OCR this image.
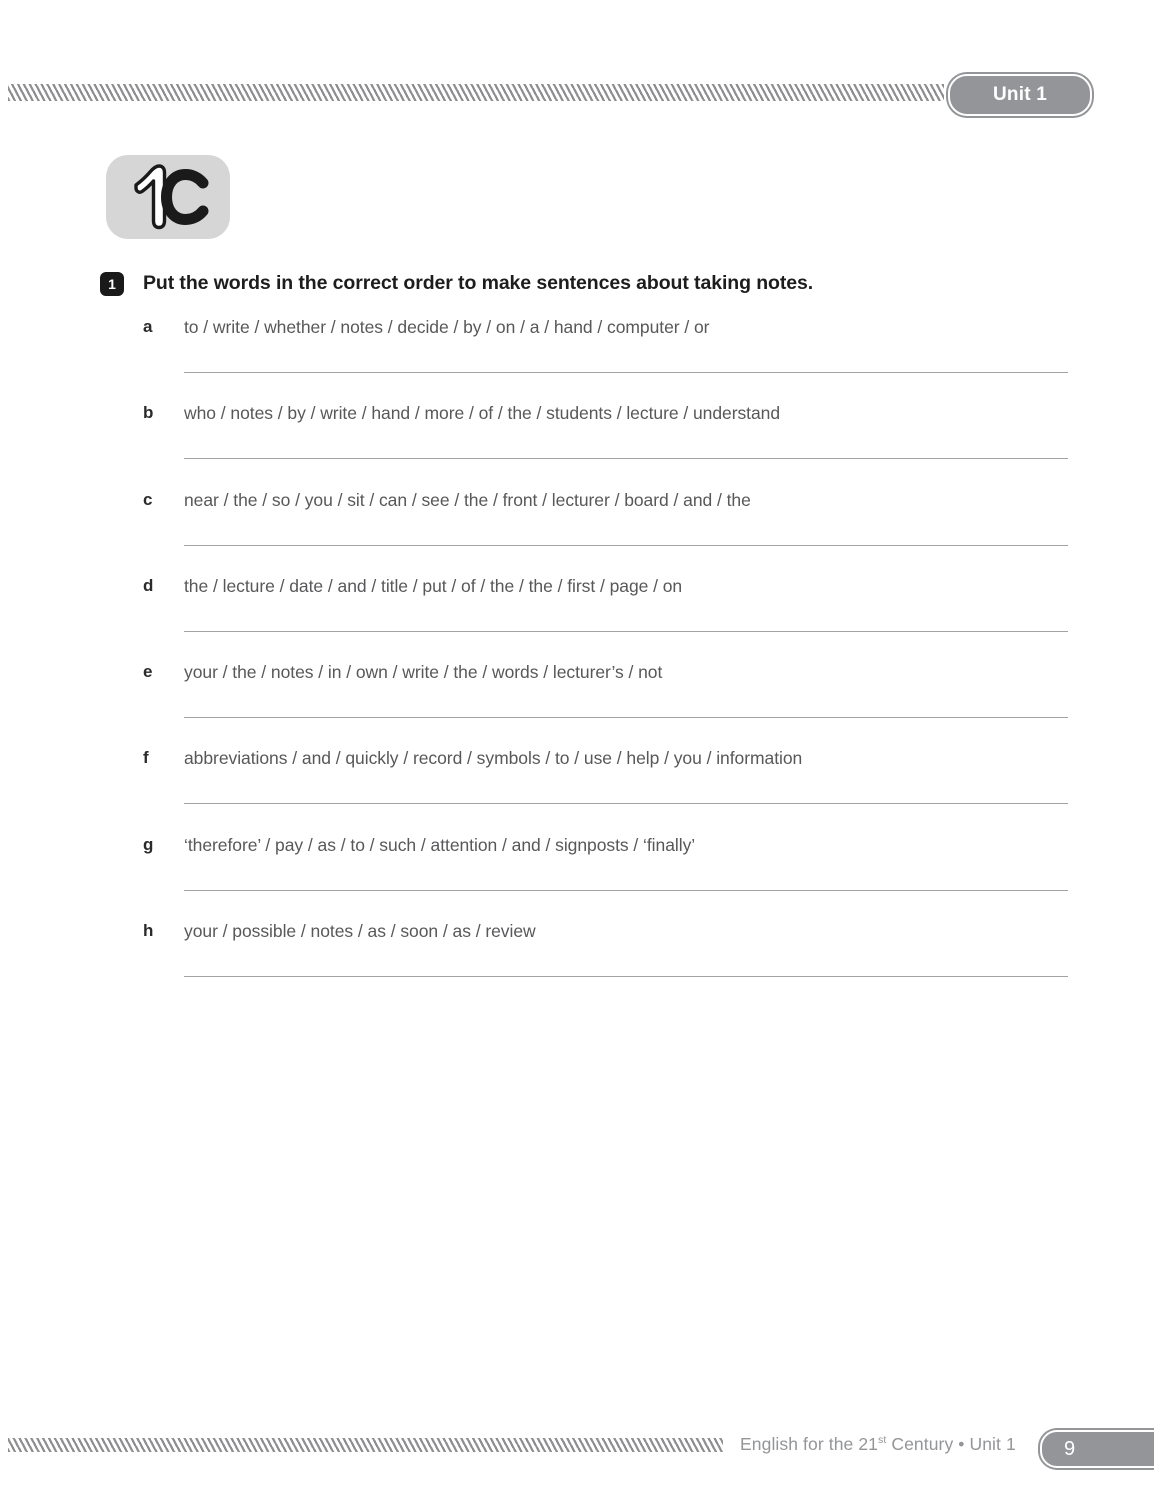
Unit 1
1	Put the words in the correct order to make sentences about taking notes.
a to / write / whether / notes / decide / by / on / a / hand / computer / or
b who / notes / by / write / hand / more / of / the / students / lecture / understand
c near / the / so / you / sit / can / see / the / front / lecturer / board / and / the
d the / lecture / date / and / title / put / of / the / the / first / page / on
e your / the / notes / in / own / write / the / words / lecturer’s / not
f abbreviations / and / quickly / record / symbols / to / use / help / you / information
g ‘therefore’ / pay / as / to / such / attention / and / signposts / ‘finally’
h your / possible / notes / as / soon / as / review
English for the 21st Century • Unit 1 9
